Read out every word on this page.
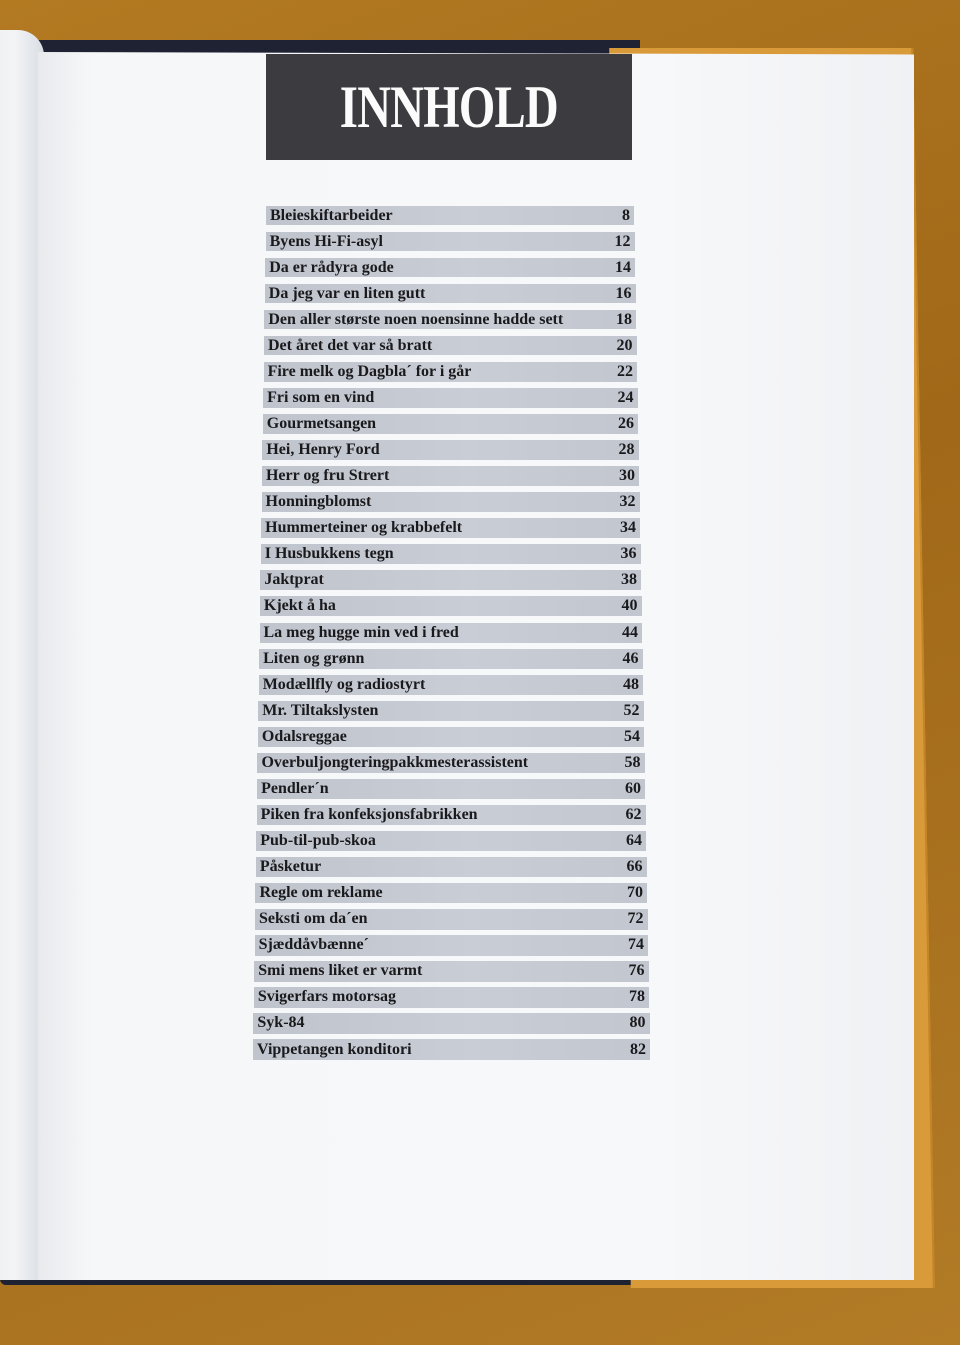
INNHOLD
Bleieskiftarbeider	8
Byens Hi-Fi-asyl	12
Da er rådyra gode	14
Da jeg var en liten gutt	16
Den aller største noen noensinne hadde sett	18
Det året det var så bratt	20
Fire melk og Dagbla´ for i går	22
Fri som en vind	24
Gourmetsangen	26
Hei, Henry Ford	28
Herr og fru Strert	30
Honningblomst	32
Hummerteiner og krabbefelt	34
I Husbukkens tegn	36
Jaktprat	38
Kjekt å ha	40
La meg hugge min ved i fred	44
Liten og grønn	46
Modællfly og radiostyrt	48
Mr. Tiltakslysten	52
Odalsreggae	54
Overbuljongteringpakkmesterassistent	58
Pendler´n	60
Piken fra konfeksjonsfabrikken	62
Pub-til-pub-skoa	64
Påsketur	66
Regle om reklame	70
Seksti om da´en	72
Sjæddåvbænne´	74
Smi mens liket er varmt	76
Svigerfars motorsag	78
Syk-84	80
Vippetangen konditori	82
